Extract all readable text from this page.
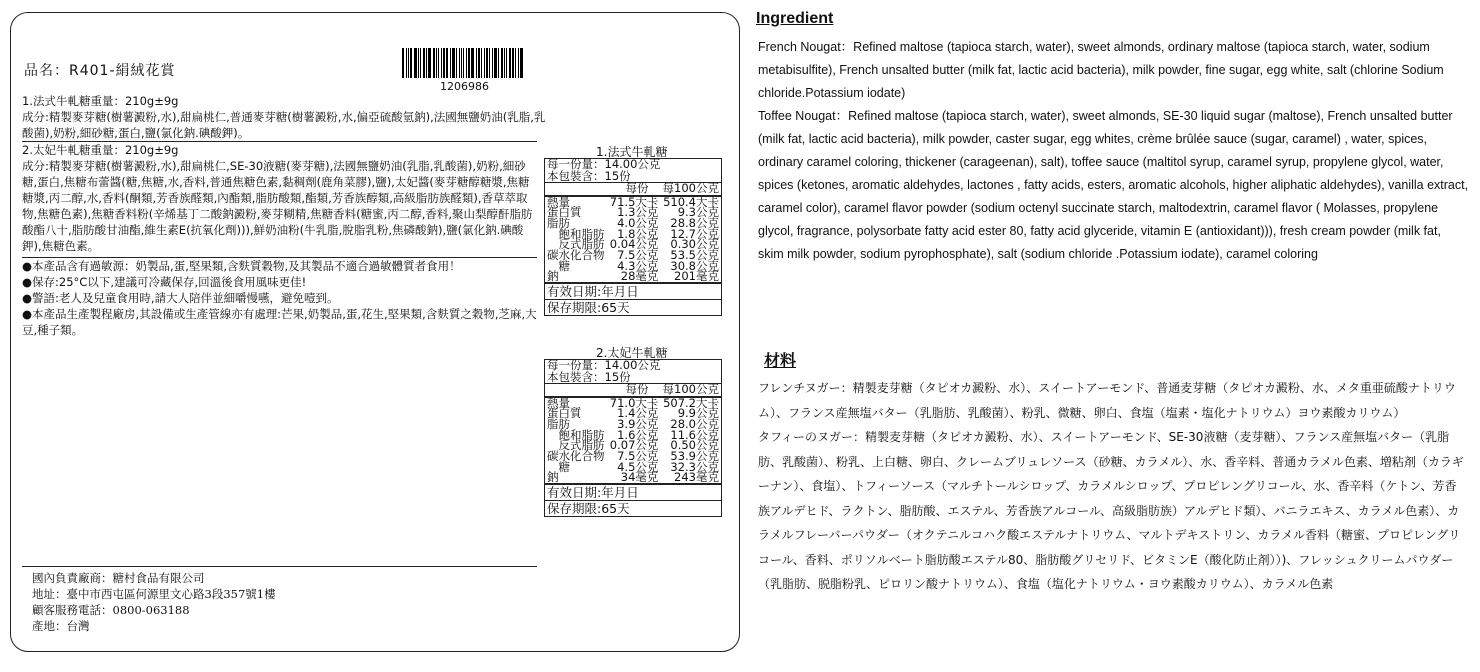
品名：R401-絹絨花賞
1206986
1.法式牛軋糖重量：210g±9g
成分:精製麥芽糖(樹薯澱粉,水),甜扁桃仁,普通麥芽糖(樹薯澱粉,水,偏亞硫酸氫鈉),法國無鹽奶油(乳脂,乳酸菌),奶粉,細砂糖,蛋白,鹽(氯化鈉.碘酸鉀)。
2.太妃牛軋糖重量：210g±9g
成分:精製麥芽糖(樹薯澱粉,水),甜扁桃仁,SE-30液糖(麥芽糖),法國無鹽奶油(乳脂,乳酸菌),奶粉,細砂糖,蛋白,焦糖布蕾醬(糖,焦糖,水,香料,普通焦糖色素,黏稠劑(鹿角菜膠),鹽),太妃醬(麥芽糖醇糖漿,焦糖糖漿,丙二醇,水,香料(酮類,芳香族醛類,內酯類,脂肪酸類,酯類,芳香族醇類,高級脂肪族醛類),香草萃取物,焦糖色素),焦糖香料粉(辛烯基丁二酸鈉澱粉,麥芽糊精,焦糖香料(糖蜜,丙二醇,香料,聚山梨醇酐脂肪酸酯八十,脂肪酸甘油酯,維生素E(抗氧化劑))),鮮奶油粉(牛乳脂,脫脂乳粉,焦磷酸鈉),鹽(氯化鈉.碘酸鉀),焦糖色素。
●本產品含有過敏源：奶製品,蛋,堅果類,含麩質穀物,及其製品不適合過敏體質者食用！
●保存:25°C以下,建議可冷藏保存,回溫後食用風味更佳!
●警語:老人及兒童食用時,請大人陪伴並細嚼慢嚥，避免噎到。
●本產品生產製程廠房,其設備或生產管線亦有處理:芒果,奶製品,蛋,花生,堅果類,含麩質之穀物,芝麻,大豆,種子類。
國內負責廠商：糖村食品有限公司
地址：臺中市西屯區何源里文心路3段357號1樓
顧客服務電話：0800-063188
產地：台灣
1.法式牛軋糖
每一份量：14.00公克
本包裝含：15份
每份 每100公克
熱量	71.5大卡	510.4大卡
蛋白質	1.3公克	9.3公克
脂肪	4.0公克	28.8公克
　飽和脂肪	1.8公克	12.7公克
　反式脂肪	0.04公克	0.30公克
碳水化合物	7.5公克	53.5公克
　糖	4.3公克	30.8公克
鈉	28毫克	201毫克
有效日期:年月日
保存期限:65天
2.太妃牛軋糖
每一份量：14.00公克
本包裝含：15份
每份 每100公克
熱量	71.0大卡	507.2大卡
蛋白質	1.4公克	9.9公克
脂肪	3.9公克	28.0公克
　飽和脂肪	1.6公克	11.6公克
　反式脂肪	0.07公克	0.50公克
碳水化合物	7.5公克	53.9公克
　糖	4.5公克	32.3公克
鈉	34毫克	243毫克
有效日期:年月日
保存期限:65天
Ingredient
French Nougat：Refined maltose (tapioca starch, water), sweet almonds, ordinary maltose (tapioca starch, water, sodium metabisulfite), French unsalted butter (milk fat, lactic acid bacteria), milk powder, fine sugar, egg white, salt (chlorine Sodium chloride.Potassium iodate)
Toffee Nougat：Refined maltose (tapioca starch, water), sweet almonds, SE-30 liquid sugar (maltose), French unsalted butter (milk fat, lactic acid bacteria), milk powder, caster sugar, egg whites, crème brûlée sauce (sugar, caramel) , water, spices, ordinary caramel coloring, thickener (carageenan), salt), toffee sauce (maltitol syrup, caramel syrup, propylene glycol, water, spices (ketones, aromatic aldehydes, lactones , fatty acids, esters, aromatic alcohols, higher aliphatic aldehydes), vanilla extract, caramel color), caramel flavor powder (sodium octenyl succinate starch, maltodextrin, caramel flavor ( Molasses, propylene glycol, fragrance, polysorbate fatty acid ester 80, fatty acid glyceride, vitamin E (antioxidant))), fresh cream powder (milk fat, skim milk powder, sodium pyrophosphate), salt (sodium chloride .Potassium iodate), caramel coloring
材料
フレンチヌガー：精製麦芽糖（タピオカ澱粉、水）、スイートアーモンド、普通麦芽糖（タピオカ澱粉、水、メタ重亜硫酸ナトリウム）、フランス産無塩バター（乳脂肪、乳酸菌）、粉乳、微糖、卵白、食塩（塩素・塩化ナトリウム）ヨウ素酸カリウム）
タフィーのヌガー：精製麦芽糖（タピオカ澱粉、水）、スイートアーモンド、SE-30液糖（麦芽糖）、フランス産無塩バター（乳脂肪、乳酸菌）、粉乳、上白糖、卵白、クレームブリュレソース（砂糖、カラメル）、水、香辛料、普通カラメル色素、増粘剤（カラギーナン）、食塩）、トフィーソース（マルチトールシロップ、カラメルシロップ、プロピレングリコール、水、香辛料（ケトン、芳香族アルデヒド、ラクトン、脂肪酸、エステル、芳香族アルコール、高級脂肪族）アルデヒド類）、バニラエキス、カラメル色素）、カラメルフレーバーパウダー（オクテニルコハク酸エステルナトリウム、マルトデキストリン、カラメル香料（糖蜜、プロピレングリコール、香料、ポリソルベート脂肪酸エステル80、脂肪酸グリセリド、ビタミンE（酸化防止剤））)、フレッシュクリームパウダー（乳脂肪、脱脂粉乳、ピロリン酸ナトリウム）、食塩（塩化ナトリウム・ヨウ素酸カリウム）、カラメル色素
